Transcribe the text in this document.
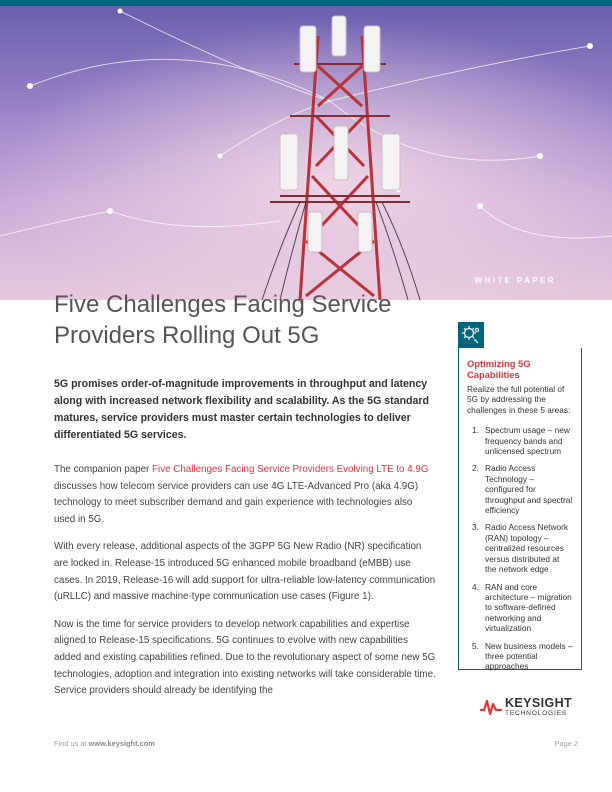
WHITE PAPER
Five Challenges Facing Service Providers Rolling Out 5G

5G promises order-of-magnitude improvements in throughput and latency along with increased network flexibility and scalability. As the 5G standard matures, service providers must master certain technologies to deliver differentiated 5G services.

The companion paper Five Challenges Facing Service Providers Evolving LTE to 4.9G discusses how telecom service providers can use 4G LTE-Advanced Pro (aka 4.9G) technology to meet subscriber demand and gain experience with technologies also used in 5G.

With every release, additional aspects of the 3GPP 5G New Radio (NR) specification are locked in. Release-15 introduced 5G enhanced mobile broadband (eMBB) use cases. In 2019, Release-16 will add support for ultra-reliable low-latency communication (uRLLC) and massive machine-type communication use cases (Figure 1).

Now is the time for service providers to develop network capabilities and expertise aligned to Release-15 specifications. 5G continues to evolve with new capabilities added and existing capabilities refined. Due to the revolutionary aspect of some new 5G technologies, adoption and integration into existing networks will take considerable time. Service providers should already be identifying the

Optimizing 5G Capabilities
Realize the full potential of 5G by addressing the challenges in these 5 areas:
1. Spectrum usage – new frequency bands and unlicensed spectrum
2. Radio Access Technology – configured for throughput and spectral efficiency
3. Radio Access Network (RAN) topology – centralized resources versus distributed at the network edge
4. RAN and core architecture – migration to software-defined networking and virtualization
5. New business models – three potential approaches
KEYSIGHT
TECHNOLOGIES
Find us at www.keysight.com	Page 2
